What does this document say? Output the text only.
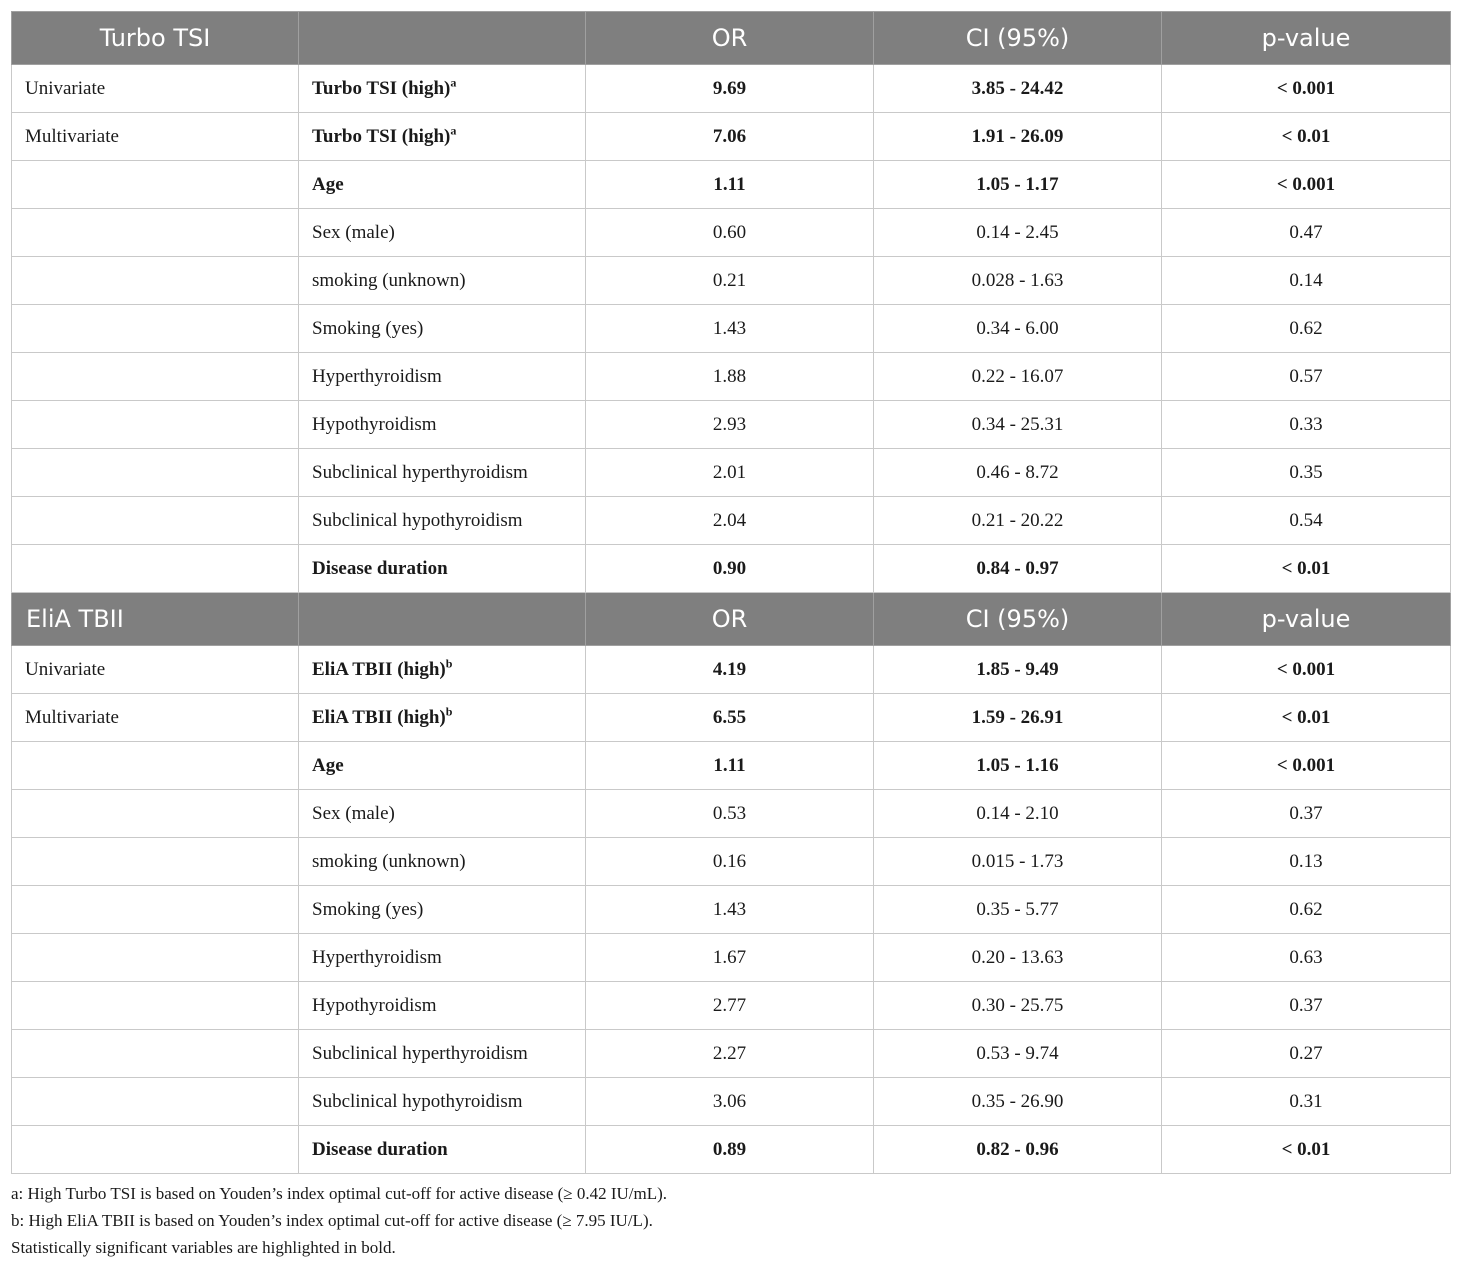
Turbo TSI		OR	CI (95%)	p-value
Univariate	Turbo TSI (high)$^a$	9.69	3.85 - 24.42	< 0.001
Multivariate	Turbo TSI (high)$^a$	7.06	1.91 - 26.09	< 0.01
	Age	1.11	1.05 - 1.17	< 0.001
	Sex (male)	0.60	0.14 - 2.45	0.47
	smoking (unknown)	0.21	0.028 - 1.63	0.14
	Smoking (yes)	1.43	0.34 - 6.00	0.62
	Hyperthyroidism	1.88	0.22 - 16.07	0.57
	Hypothyroidism	2.93	0.34 - 25.31	0.33
	Subclinical hyperthyroidism	2.01	0.46 - 8.72	0.35
	Subclinical hypothyroidism	2.04	0.21 - 20.22	0.54
	Disease duration	0.90	0.84 - 0.97	< 0.01
EliA TBII		OR	CI (95%)	p-value
Univariate	EliA TBII (high)$^b$	4.19	1.85 - 9.49	< 0.001
Multivariate	EliA TBII (high)$^b$	6.55	1.59 - 26.91	< 0.01
	Age	1.11	1.05 - 1.16	< 0.001
	Sex (male)	0.53	0.14 - 2.10	0.37
	smoking (unknown)	0.16	0.015 - 1.73	0.13
	Smoking (yes)	1.43	0.35 - 5.77	0.62
	Hyperthyroidism	1.67	0.20 - 13.63	0.63
	Hypothyroidism	2.77	0.30 - 25.75	0.37
	Subclinical hyperthyroidism	2.27	0.53 - 9.74	0.27
	Subclinical hypothyroidism	3.06	0.35 - 26.90	0.31
	Disease duration	0.89	0.82 - 0.96	< 0.01
a: High Turbo TSI is based on Youden’s index optimal cut-off for active disease (≥ 0.42 IU/mL).
b: High EliA TBII is based on Youden’s index optimal cut-off for active disease (≥ 7.95 IU/L).
Statistically significant variables are highlighted in bold.
